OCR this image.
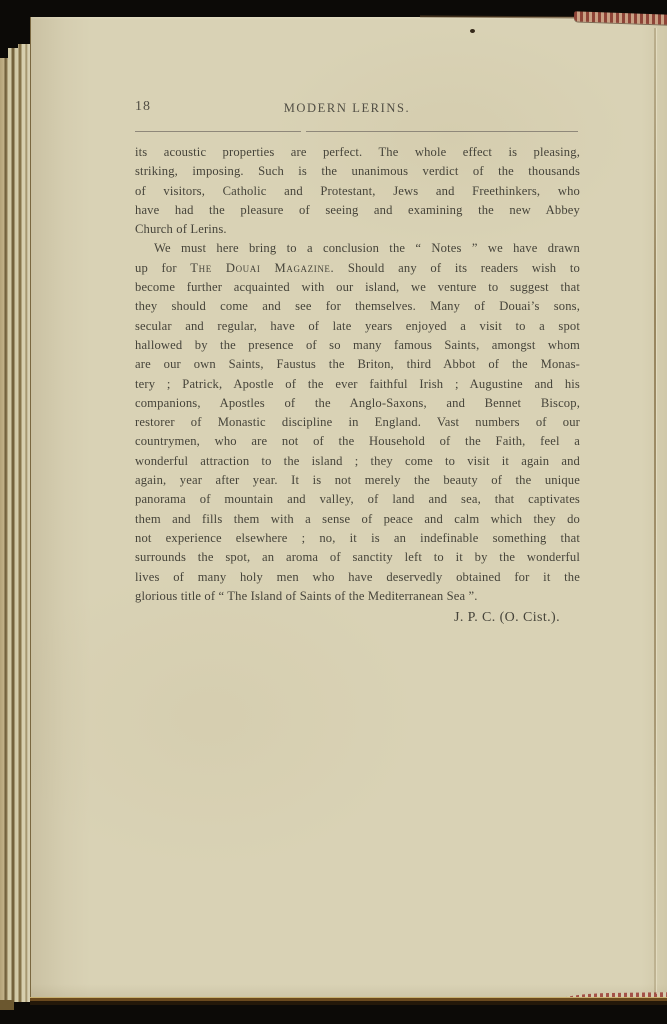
18	MODERN LERINS.
its acoustic properties are perfect. The whole effect is pleasing,
striking, imposing. Such is the unanimous verdict of the thousands
of visitors, Catholic and Protestant, Jews and Freethinkers, who
have had the pleasure of seeing and examining the new Abbey
Church of Lerins.
We must here bring to a conclusion the “ Notes ” we have drawn
up for The Douai Magazine. Should any of its readers wish to
become further acquainted with our island, we venture to suggest that
they should come and see for themselves. Many of Douai’s sons,
secular and regular, have of late years enjoyed a visit to a spot
hallowed by the presence of so many famous Saints, amongst whom
are our own Saints, Faustus the Briton, third Abbot of the Monas-
tery ; Patrick, Apostle of the ever faithful Irish ; Augustine and his
companions, Apostles of the Anglo-Saxons, and Bennet Biscop,
restorer of Monastic discipline in England. Vast numbers of our
countrymen, who are not of the Household of the Faith, feel a
wonderful attraction to the island ; they come to visit it again and
again, year after year. It is not merely the beauty of the unique
panorama of mountain and valley, of land and sea, that captivates
them and fills them with a sense of peace and calm which they do
not experience elsewhere ; no, it is an indefinable something that
surrounds the spot, an aroma of sanctity left to it by the wonderful
lives of many holy men who have deservedly obtained for it the
glorious title of “ The Island of Saints of the Mediterranean Sea ”.
J. P. C. (O. Cist.).
